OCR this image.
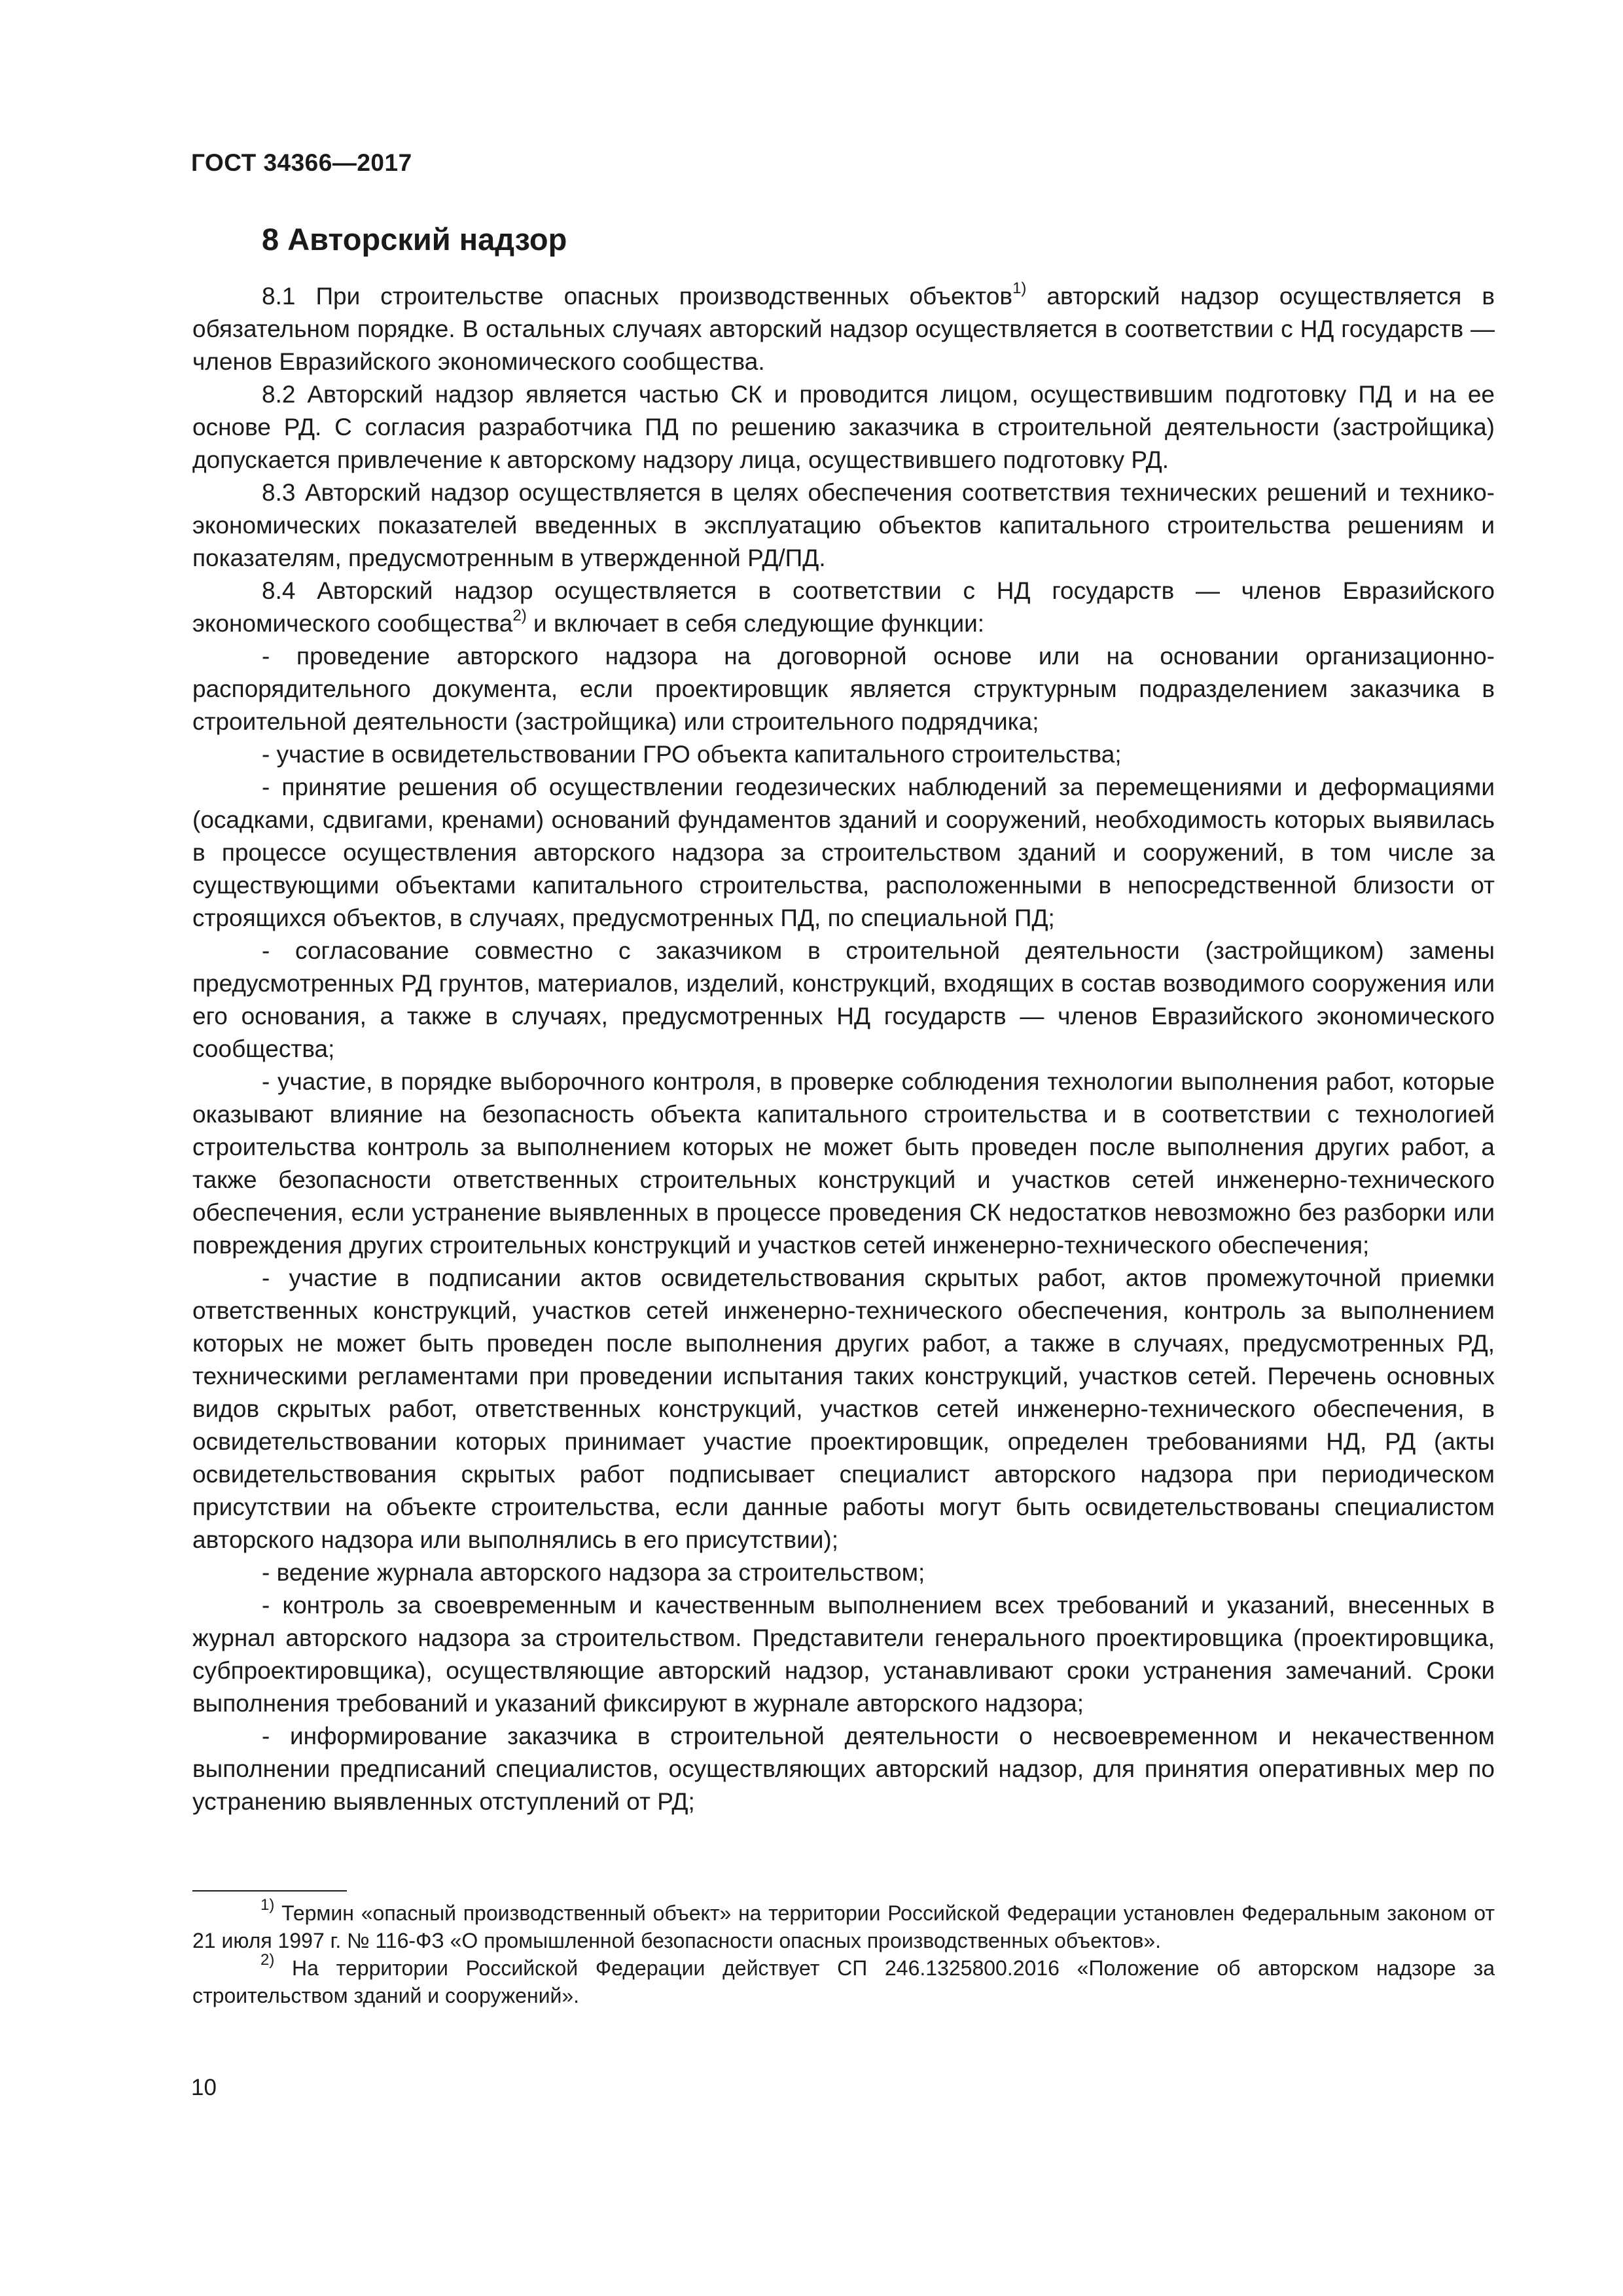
ГОСТ 34366—2017
8 Авторский надзор

8.1 При строительстве опасных производственных объектов$^{1)}$ авторский надзор осуществляется в обязательном порядке. В остальных случаях авторский надзор осуществляется в соответствии с НД государств — членов Евразийского экономического сообщества.

8.2 Авторский надзор является частью СК и проводится лицом, осуществившим подготовку ПД и на ее основе РД. С согласия разработчика ПД по решению заказчика в строительной деятельности (застройщика) допускается привлечение к авторскому надзору лица, осуществившего подготовку РД.

8.3 Авторский надзор осуществляется в целях обеспечения соответствия технических решений и технико-экономических показателей введенных в эксплуатацию объектов капитального строительства решениям и показателям, предусмотренным в утвержденной РД/ПД.

8.4 Авторский надзор осуществляется в соответствии с НД государств — членов Евразийского экономического сообщества$^{2)}$ и включает в себя следующие функции:

- проведение авторского надзора на договорной основе или на основании организационно-распорядительного документа, если проектировщик является структурным подразделением заказчика в строительной деятельности (застройщика) или строительного подрядчика;

- участие в освидетельствовании ГРО объекта капитального строительства;

- принятие решения об осуществлении геодезических наблюдений за перемещениями и деформациями (осадками, сдвигами, кренами) оснований фундаментов зданий и сооружений, необходимость которых выявилась в процессе осуществления авторского надзора за строительством зданий и сооружений, в том числе за существующими объектами капитального строительства, расположенными в непосредственной близости от строящихся объектов, в случаях, предусмотренных ПД, по специальной ПД;

- согласование совместно с заказчиком в строительной деятельности (застройщиком) замены предусмотренных РД грунтов, материалов, изделий, конструкций, входящих в состав возводимого сооружения или его основания, а также в случаях, предусмотренных НД государств — членов Евразийского экономического сообщества;

- участие, в порядке выборочного контроля, в проверке соблюдения технологии выполнения работ, которые оказывают влияние на безопасность объекта капитального строительства и в соответствии с технологией строительства контроль за выполнением которых не может быть проведен после выполнения других работ, а также безопасности ответственных строительных конструкций и участков сетей инженерно-технического обеспечения, если устранение выявленных в процессе проведения СК недостатков невозможно без разборки или повреждения других строительных конструкций и участков сетей инженерно-технического обеспечения;

- участие в подписании актов освидетельствования скрытых работ, актов промежуточной приемки ответственных конструкций, участков сетей инженерно-технического обеспечения, контроль за выполнением которых не может быть проведен после выполнения других работ, а также в случаях, предусмотренных РД, техническими регламентами при проведении испытания таких конструкций, участков сетей. Перечень основных видов скрытых работ, ответственных конструкций, участков сетей инженерно-технического обеспечения, в освидетельствовании которых принимает участие проектировщик, определен требованиями НД, РД (акты освидетельствования скрытых работ подписывает специалист авторского надзора при периодическом присутствии на объекте строительства, если данные работы могут быть освидетельствованы специалистом авторского надзора или выполнялись в его присутствии);

- ведение журнала авторского надзора за строительством;

- контроль за своевременным и качественным выполнением всех требований и указаний, внесенных в журнал авторского надзора за строительством. Представители генерального проектировщика (проектировщика, субпроектировщика), осуществляющие авторский надзор, устанавливают сроки устранения замечаний. Сроки выполнения требований и указаний фиксируют в журнале авторского надзора;

- информирование заказчика в строительной деятельности о несвоевременном и некачественном выполнении предписаний специалистов, осуществляющих авторский надзор, для принятия оперативных мер по устранению выявленных отступлений от РД;

$^{1)}$ Термин «опасный производственный объект» на территории Российской Федерации установлен Федеральным законом от 21 июля 1997 г. № 116-ФЗ «О промышленной безопасности опасных производственных объектов».

$^{2)}$ На территории Российской Федерации действует СП 246.1325800.2016 «Положение об авторском надзоре за строительством зданий и сооружений».

10
